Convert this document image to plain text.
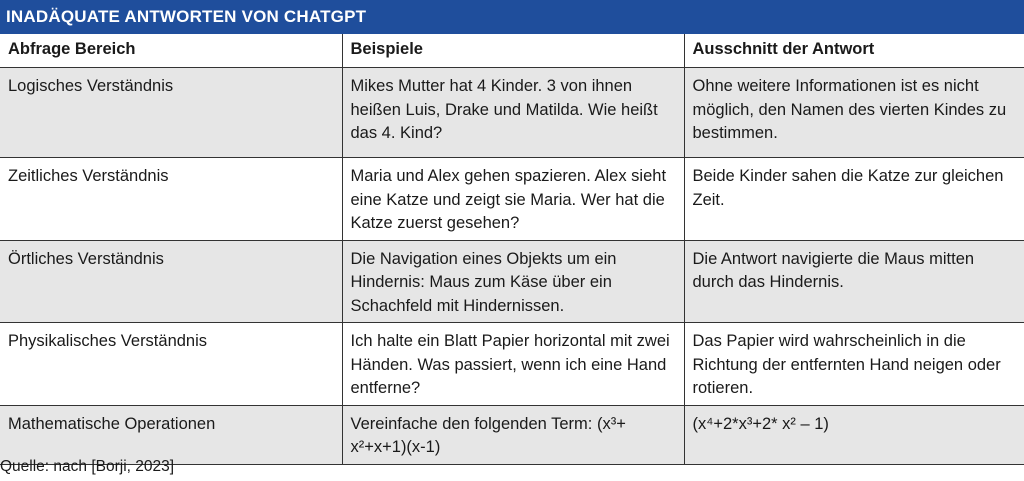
INADÄQUATE ANTWORTEN VON CHATGPT
Abfrage Bereich	Beispiele	Ausschnitt der Antwort
Logisches Verständnis	Mikes Mutter hat 4 Kinder. 3 von ihnen heißen Luis, Drake und Matilda. Wie heißt das 4. Kind?	Ohne weitere Informationen ist es nicht möglich, den Namen des vierten Kindes zu bestimmen.
Zeitliches Verständnis	Maria und Alex gehen spazieren. Alex sieht eine Katze und zeigt sie Maria. Wer hat die Katze zuerst gesehen?	Beide Kinder sahen die Katze zur gleichen Zeit.
Örtliches Verständnis	Die Navigation eines Objekts um ein Hindernis: Maus zum Käse über ein Schachfeld mit Hindernissen.	Die Antwort navigierte die Maus mitten durch das Hindernis.
Physikalisches Verständnis	Ich halte ein Blatt Papier horizontal mit zwei Händen. Was passiert, wenn ich eine Hand entferne?	Das Papier wird wahrscheinlich in die Richtung der entfernten Hand neigen oder rotieren.
Mathematische Operationen	Vereinfache den folgenden Term: (x³+ x²+x+1)(x-1)	(x⁴+2*x³+2* x² – 1)
Quelle: nach [Borji, 2023]
